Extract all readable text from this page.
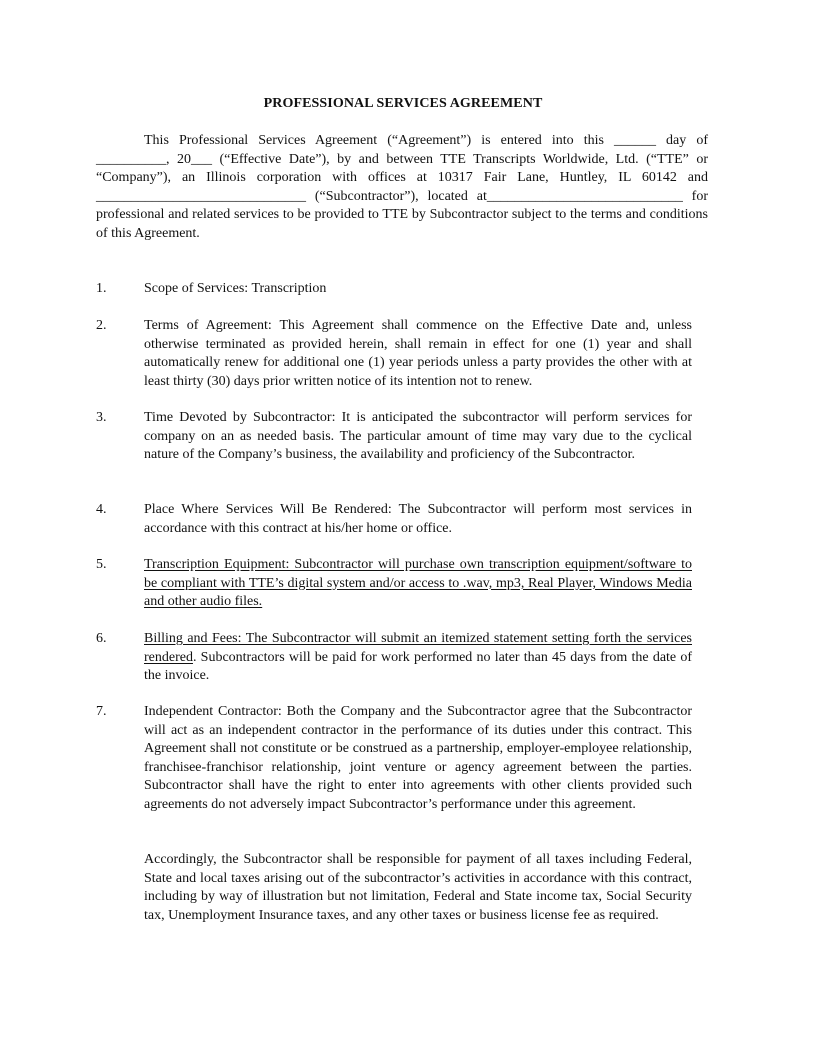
PROFESSIONAL SERVICES AGREEMENT
This Professional Services Agreement (“Agreement”) is entered into this ______ day of __________, 20___ (“Effective Date”), by and between TTE Transcripts Worldwide, Ltd. (“TTE” or “Company”), an Illinois corporation with offices at 10317 Fair Lane, Huntley, IL 60142 and ______________________________ (“Subcontractor”), located at____________________________ for professional and related services to be provided to TTE by Subcontractor subject to the terms and conditions of this Agreement.
1.	Scope of Services: Transcription
2.	Terms of Agreement: This Agreement shall commence on the Effective Date and, unless otherwise terminated as provided herein, shall remain in effect for one (1) year and shall automatically renew for additional one (1) year periods unless a party provides the other with at least thirty (30) days prior written notice of its intention not to renew.
3.	Time Devoted by Subcontractor: It is anticipated the subcontractor will perform services for company on an as needed basis. The particular amount of time may vary due to the cyclical nature of the Company’s business, the availability and proficiency of the Subcontractor.
4.	Place Where Services Will Be Rendered: The Subcontractor will perform most services in accordance with this contract at his/her home or office.
5.	Transcription Equipment: Subcontractor will purchase own transcription equipment/software to be compliant with TTE’s digital system and/or access to .wav, mp3, Real Player, Windows Media and other audio files.
6.	Billing and Fees: The Subcontractor will submit an itemized statement setting forth the services rendered. Subcontractors will be paid for work performed no later than 45 days from the date of the invoice.
7.	Independent Contractor: Both the Company and the Subcontractor agree that the Subcontractor will act as an independent contractor in the performance of its duties under this contract. This Agreement shall not constitute or be construed as a partnership, employer-employee relationship, franchisee-franchisor relationship, joint venture or agency agreement between the parties. Subcontractor shall have the right to enter into agreements with other clients provided such agreements do not adversely impact Subcontractor’s performance under this agreement.
Accordingly, the Subcontractor shall be responsible for payment of all taxes including Federal, State and local taxes arising out of the subcontractor’s activities in accordance with this contract, including by way of illustration but not limitation, Federal and State income tax, Social Security tax, Unemployment Insurance taxes, and any other taxes or business license fee as required.
